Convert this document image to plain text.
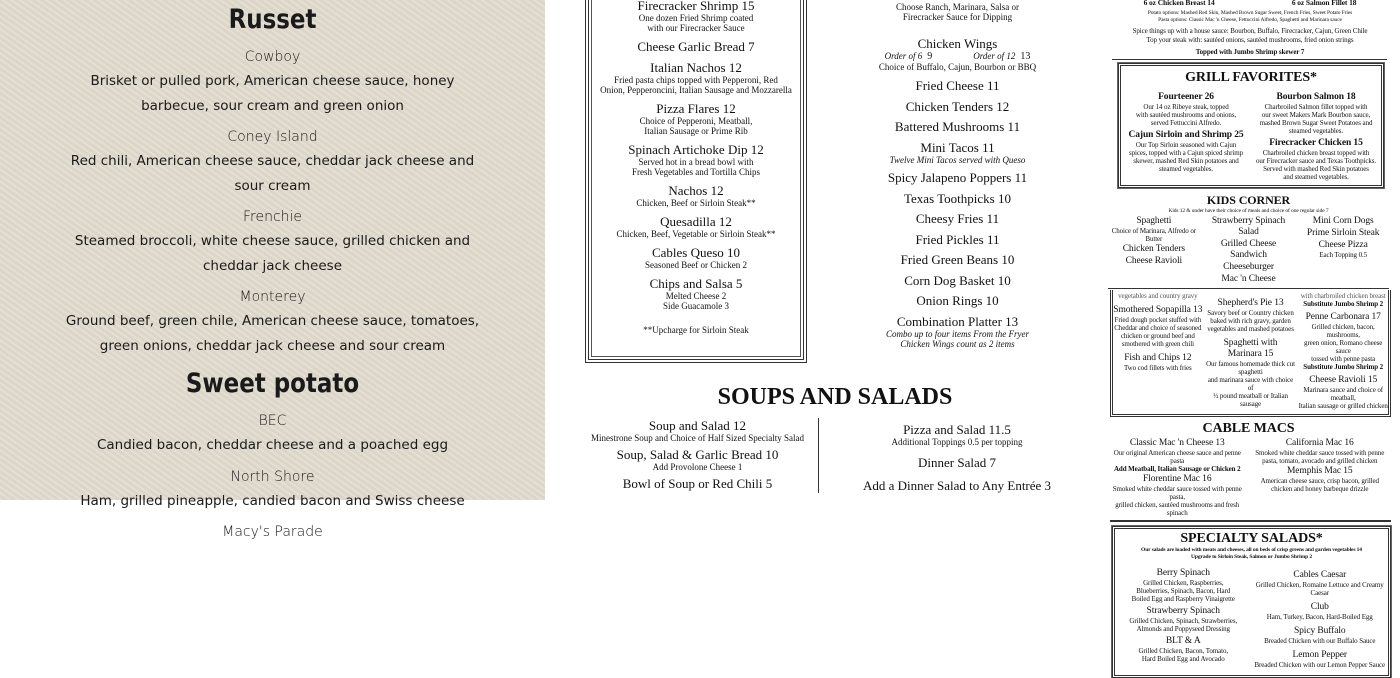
Russet
Cowboy
Brisket or pulled pork, American cheese sauce, honey barbecue, sour cream and green onion
Coney Island
Red chili, American cheese sauce, cheddar jack cheese and sour cream
Frenchie
Steamed broccoli, white cheese sauce, grilled chicken and cheddar jack cheese
Monterey
Ground beef, green chile, American cheese sauce, tomatoes, green onions, cheddar jack cheese and sour cream
Sweet potato
BEC
Candied bacon, cheddar cheese and a poached egg
North Shore
Ham, grilled pineapple, candied bacon and Swiss cheese
Macy's Parade
Firecracker Shrimp 15
One dozen Fried Shrimp coated
with our Firecracker Sauce
Cheese Garlic Bread 7
Italian Nachos 12
Fried pasta chips topped with Pepperoni, Red
Onion, Pepperoncini, Italian Sausage and Mozzarella
Pizza Flares 12
Choice of Pepperoni, Meatball,
Italian Sausage or Prime Rib
Spinach Artichoke Dip 12
Served hot in a bread bowl with
Fresh Vegetables and Tortilla Chips
Nachos 12
Chicken, Beef or Sirloin Steak**
Quesadilla 12
Chicken, Beef, Vegetable or Sirloin Steak**
Cables Queso 10
Seasoned Beef or Chicken 2
Chips and Salsa 5
Melted Cheese 2
Side Guacamole 3
**Upcharge for Sirloin Steak
Choose Ranch, Marinara, Salsa or
Firecracker Sauce for Dipping
Chicken Wings
Order of 6 9	Order of 12 13
Choice of Buffalo, Cajun, Bourbon or BBQ
Fried Cheese 11
Chicken Tenders 12
Battered Mushrooms 11
Mini Tacos 11
Twelve Mini Tacos served with Queso
Spicy Jalapeno Poppers 11
Texas Toothpicks 10
Cheesy Fries 11
Fried Pickles 11
Fried Green Beans 10
Corn Dog Basket 10
Onion Rings 10
Combination Platter 13
Combo up to four items From the Fryer
Chicken Wings count as 2 items
SOUPS AND SALADS
Soup and Salad 12
Minestrone Soup and Choice of Half Sized Specialty Salad
Soup, Salad & Garlic Bread 10
Add Provolone Cheese 1
Bowl of Soup or Red Chili 5
Pizza and Salad 11.5
Additional Toppings 0.5 per topping
Dinner Salad 7
Add a Dinner Salad to Any Entrée 3
6 oz Chicken Breast 14	6 oz Salmon Fillet 18
Potato options: Mashed Red Skin, Mashed Brown Sugar Sweet, French Fries, Sweet Potato Fries
Pasta options: Classic Mac 'n Cheese, Fettuccini Alfredo, Spaghetti and Marinara sauce
Spice things up with a house sauce: Bourbon, Buffalo, Firecracker, Cajun, Green Chile
Top your steak with: sautéed onions, sautéed mushrooms, fried onion strings
Topped with Jumbo Shrimp skewer 7
GRILL FAVORITES*
Fourteener 26
Our 14 oz Ribeye steak, topped
with sautéed mushrooms and onions,
served Fettuccini Alfredo.
Cajun Sirloin and Shrimp 25
Our Top Sirloin seasoned with Cajun
spices, topped with a Cajun spiced shrimp
skewer, mashed Red Skin potatoes and
steamed vegetables.
Bourbon Salmon 18
Charbroiled Salmon fillet topped with
our sweet Makers Mark Bourbon sauce,
mashed Brown Sugar Sweet Potatoes and
steamed vegetables.
Firecracker Chicken 15
Charbroiled chicken breast topped with
our Firecracker sauce and Texas Toothpicks.
Served with mashed Red Skin potatoes
and steamed vegetables.
KIDS CORNER
Kids 12 & under have their choice of meals and choice of one regular side 7
Spaghetti
Choice of Marinara, Alfredo or Butter
Chicken Tenders
Cheese Ravioli
Strawberry Spinach Salad
Grilled Cheese Sandwich
Cheeseburger
Mac 'n Cheese
Mini Corn Dogs
Prime Sirloin Steak
Cheese Pizza
Each Topping 0.5
vegetables and country gravy
Smothered Sopapilla 13
Fried dough pocket stuffed with
Cheddar and choice of seasoned
chicken or ground beef and
smothered with green chili
Fish and Chips 12
Two cod fillets with fries
Shepherd's Pie 13
Savory beef or Country chicken
baked with rich gravy, garden
vegetables and mashed potatoes
Spaghetti with Marinara 15
Our famous homemade thick cut spaghetti
and marinara sauce with choice of
½ pound meatball or Italian sausage
with charbroiled chicken breast
Substitute Jumbo Shrimp 2
Penne Carbonara 17
Grilled chicken, bacon, mushrooms,
green onion, Romano cheese sauce
tossed with penne pasta
Substitute Jumbo Shrimp 2
Cheese Ravioli 15
Marinara sauce and choice of meatball,
Italian sausage or grilled chicken
CABLE MACS
Classic Mac 'n Cheese 13
Our original American cheese sauce and penne pasta
Add Meatball, Italian Sausage or Chicken 2
Florentine Mac 16
Smoked white cheddar sauce tossed with penne pasta,
grilled chicken, sautéed mushrooms and fresh spinach
California Mac 16
Smoked white cheddar sauce tossed with penne
pasta, tomato, avocado and grilled chicken
Memphis Mac 15
American cheese sauce, crisp bacon, grilled
chicken and honey barbeque drizzle
SPECIALTY SALADS*
Our salads are loaded with meats and cheeses, all on beds of crisp greens and garden vegetables 14
Upgrade to Sirloin Steak, Salmon or Jumbo Shrimp 2
Berry Spinach
Grilled Chicken, Raspberries,
Blueberries, Spinach, Bacon, Hard
Boiled Egg and Raspberry Vinaigrette
Strawberry Spinach
Grilled Chicken, Spinach, Strawberries,
Almonds and Poppyseed Dressing
BLT & A
Grilled Chicken, Bacon, Tomato,
Hard Boiled Egg and Avocado
Cables Caesar
Grilled Chicken, Romaine Lettuce and Creamy Caesar
Club
Ham, Turkey, Bacon, Hard-Boiled Egg
Spicy Buffalo
Breaded Chicken with our Buffalo Sauce
Lemon Pepper
Breaded Chicken with our Lemon Pepper Sauce
